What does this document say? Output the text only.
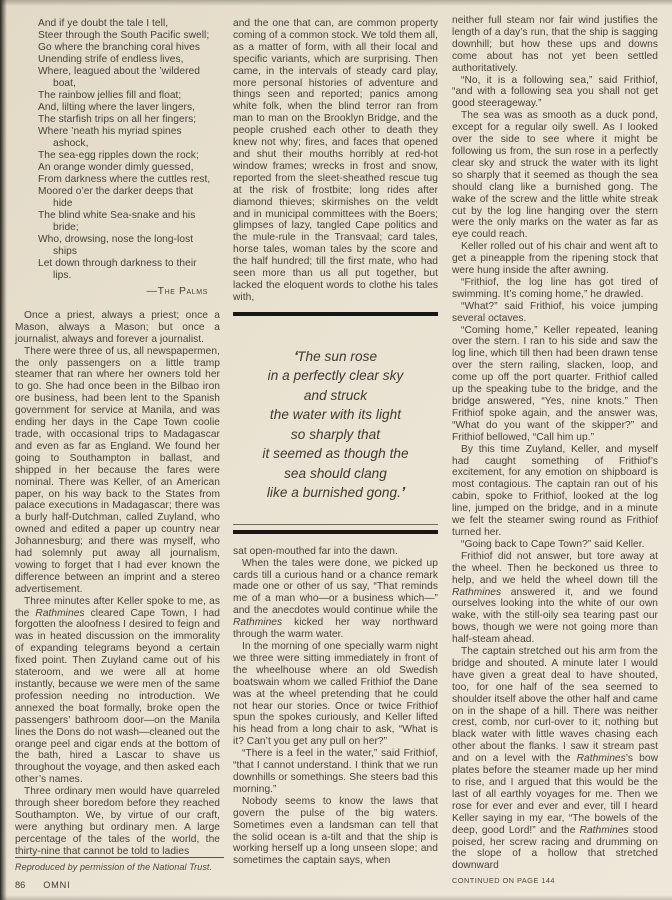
And if ye doubt the tale I tell,
Steer through the South Pacific swell;
Go where the branching coral hives
Unending strife of endless lives,
Where, leagued about the ’wildered
boat,
The rainbow jellies fill and float;
And, lilting where the laver lingers,
The starfish trips on all her fingers;
Where ’neath his myriad spines
ashock,
The sea-egg ripples down the rock;
An orange wonder dimly guessed,
From darkness where the cuttles rest,
Moored o’er the darker deeps that
hide
The blind white Sea-snake and his
bride;
Who, drowsing, nose the long-lost
ships
Let down through darkness to their
lips.
—The Palms

Once a priest, always a priest; once a Mason, always a Mason; but once a journalist, always and forever a journalist.

There were three of us, all newspapermen, the only passengers on a little tramp steamer that ran where her owners told her to go. She had once been in the Bilbao iron ore business, had been lent to the Spanish government for service at Manila, and was ending her days in the Cape Town coolie trade, with occasional trips to Madagascar and even as far as England. We found her going to Southampton in ballast, and shipped in her because the fares were nominal. There was Keller, of an American paper, on his way back to the States from palace executions in Madagascar; there was a burly half-Dutchman, called Zuyland, who owned and edited a paper up country near Johannesburg; and there was myself, who had solemnly put away all journalism, vowing to forget that I had ever known the difference between an imprint and a stereo advertisement.

Three minutes after Keller spoke to me, as the Rathmines cleared Cape Town, I had forgotten the aloofness I desired to feign and was in heated discussion on the immorality of expanding telegrams beyond a certain fixed point. Then Zuyland came out of his stateroom, and we were all at home instantly, because we were men of the same profession needing no introduction. We annexed the boat formally, broke open the passengers’ bathroom door—on the Manila lines the Dons do not wash—cleaned out the orange peel and cigar ends at the bottom of the bath, hired a Lascar to shave us throughout the voyage, and then asked each other’s names.

Three ordinary men would have quarreled through sheer boredom before they reached Southampton. We, by virtue of our craft, were anything but ordinary men. A large percentage of the tales of the world, the thirty-nine that cannot be told to ladies

and the one that can, are common property coming of a common stock. We told them all, as a matter of form, with all their local and specific variants, which are surprising. Then came, in the intervals of steady card play, more personal histories of adventure and things seen and reported; panics among white folk, when the blind terror ran from man to man on the Brooklyn Bridge, and the people crushed each other to death they knew not why; fires, and faces that opened and shut their mouths horribly at red-hot window frames; wrecks in frost and snow, reported from the sleet-sheathed rescue tug at the risk of frostbite; long rides after diamond thieves; skirmishes on the veldt and in municipal committees with the Boers; glimpses of lazy, tangled Cape politics and the mule-rule in the Transvaal; card tales, horse tales, woman tales by the score and the half hundred; till the first mate, who had seen more than us all put together, but lacked the eloquent words to clothe his tales with,

‘The sun rose
in a perfectly clear sky
and struck
the water with its light
so sharply that
it seemed as though the
sea should clang
like a burnished gong.’

sat open-mouthed far into the dawn.

When the tales were done, we picked up cards till a curious hand or a chance remark made one or other of us say, “That reminds me of a man who—or a business which—” and the anecdotes would continue while the Rathmines kicked her way northward through the warm water.

In the morning of one specially warm night we three were sitting immediately in front of the wheelhouse where an old Swedish boatswain whom we called Frithiof the Dane was at the wheel pretending that he could not hear our stories. Once or twice Frithiof spun the spokes curiously, and Keller lifted his head from a long chair to ask, “What is it? Can’t you get any pull on her?”

“There is a feel in the water,” said Frithiof, “that I cannot understand. I think that we run downhills or somethings. She steers bad this morning.”

Nobody seems to know the laws that govern the pulse of the big waters. Sometimes even a landsman can tell that the solid ocean is a-tilt and that the ship is working herself up a long unseen slope; and sometimes the captain says, when

neither full steam nor fair wind justifies the length of a day’s run, that the ship is sagging downhill; but how these ups and downs come about has not yet been settled authoritatively.

“No, it is a following sea,” said Frithiof, “and with a following sea you shall not get good steerageway.”

The sea was as smooth as a duck pond, except for a regular oily swell. As I looked over the side to see where it might be following us from, the sun rose in a perfectly clear sky and struck the water with its light so sharply that it seemed as though the sea should clang like a burnished gong. The wake of the screw and the little white streak cut by the log line hanging over the stern were the only marks on the water as far as eye could reach.

Keller rolled out of his chair and went aft to get a pineapple from the ripening stock that were hung inside the after awning.

“Frithiof, the log line has got tired of swimming. It’s coming home,” he drawled.

“What?” said Frithiof, his voice jumping several octaves.

“Coming home,” Keller repeated, leaning over the stern. I ran to his side and saw the log line, which till then had been drawn tense over the stern railing, slacken, loop, and come up off the port quarter. Frithiof called up the speaking tube to the bridge, and the bridge answered, “Yes, nine knots.” Then Frithiof spoke again, and the answer was, “What do you want of the skipper?” and Frithiof bellowed, “Call him up.”

By this time Zuyland, Keller, and myself had caught something of Frithiof’s excitement, for any emotion on shipboard is most contagious. The captain ran out of his cabin, spoke to Frithiof, looked at the log line, jumped on the bridge, and in a minute we felt the steamer swing round as Frithiof turned her.

“Going back to Cape Town?” said Keller.

Frithiof did not answer, but tore away at the wheel. Then he beckoned us three to help, and we held the wheel down till the Rathmines answered it, and we found ourselves looking into the white of our own wake, with the still-oily sea tearing past our bows, though we were not going more than half-steam ahead.

The captain stretched out his arm from the bridge and shouted. A minute later I would have given a great deal to have shouted, too, for one half of the sea seemed to shoulder itself above the other half and came on in the shape of a hill. There was neither crest, comb, nor curl-over to it; nothing but black water with little waves chasing each other about the flanks. I saw it stream past and on a level with the Rathmines’s bow plates before the steamer made up her mind to rise, and I argued that this would be the last of all earthly voyages for me. Then we rose for ever and ever and ever, till I heard Keller saying in my ear, “The bowels of the deep, good Lord!” and the Rathmines stood poised, her screw racing and drumming on the slope of a hollow that stretched downward

Reproduced by permission of the National Trust.
86 OMNI	CONTINUED ON PAGE 144
